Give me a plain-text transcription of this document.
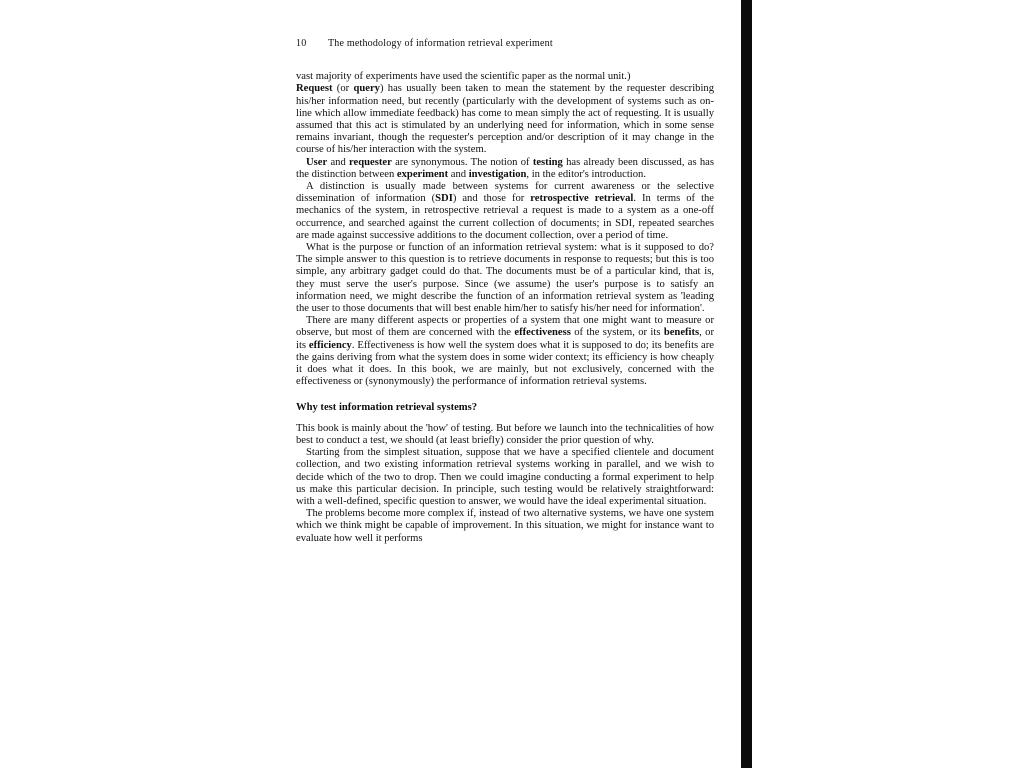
10 The methodology of information retrieval experiment

vast majority of experiments have used the scientific paper as the normal unit.)

Request (or query) has usually been taken to mean the statement by the requester describing his/her information need, but recently (particularly with the development of systems such as on-line which allow immediate feedback) has come to mean simply the act of requesting. It is usually assumed that this act is stimulated by an underlying need for information, which in some sense remains invariant, though the requester's perception and/or description of it may change in the course of his/her interaction with the system.

User and requester are synonymous. The notion of testing has already been discussed, as has the distinction between experiment and investigation, in the editor's introduction.

A distinction is usually made between systems for current awareness or the selective dissemination of information (SDI) and those for retrospective retrieval. In terms of the mechanics of the system, in retrospective retrieval a request is made to a system as a one-off occurrence, and searched against the current collection of documents; in SDI, repeated searches are made against successive additions to the document collection, over a period of time.

What is the purpose or function of an information retrieval system: what is it supposed to do? The simple answer to this question is to retrieve documents in response to requests; but this is too simple, any arbitrary gadget could do that. The documents must be of a particular kind, that is, they must serve the user's purpose. Since (we assume) the user's purpose is to satisfy an information need, we might describe the function of an information retrieval system as 'leading the user to those documents that will best enable him/her to satisfy his/her need for information'.

There are many different aspects or properties of a system that one might want to measure or observe, but most of them are concerned with the effectiveness of the system, or its benefits, or its efficiency. Effectiveness is how well the system does what it is supposed to do; its benefits are the gains deriving from what the system does in some wider context; its efficiency is how cheaply it does what it does. In this book, we are mainly, but not exclusively, concerned with the effectiveness or (synonymously) the performance of information retrieval systems.

Why test information retrieval systems?

This book is mainly about the 'how' of testing. But before we launch into the technicalities of how best to conduct a test, we should (at least briefly) consider the prior question of why.

Starting from the simplest situation, suppose that we have a specified clientele and document collection, and two existing information retrieval systems working in parallel, and we wish to decide which of the two to drop. Then we could imagine conducting a formal experiment to help us make this particular decision. In principle, such testing would be relatively straightforward: with a well-defined, specific question to answer, we would have the ideal experimental situation.

The problems become more complex if, instead of two alternative systems, we have one system which we think might be capable of improvement. In this situation, we might for instance want to evaluate how well it performs
